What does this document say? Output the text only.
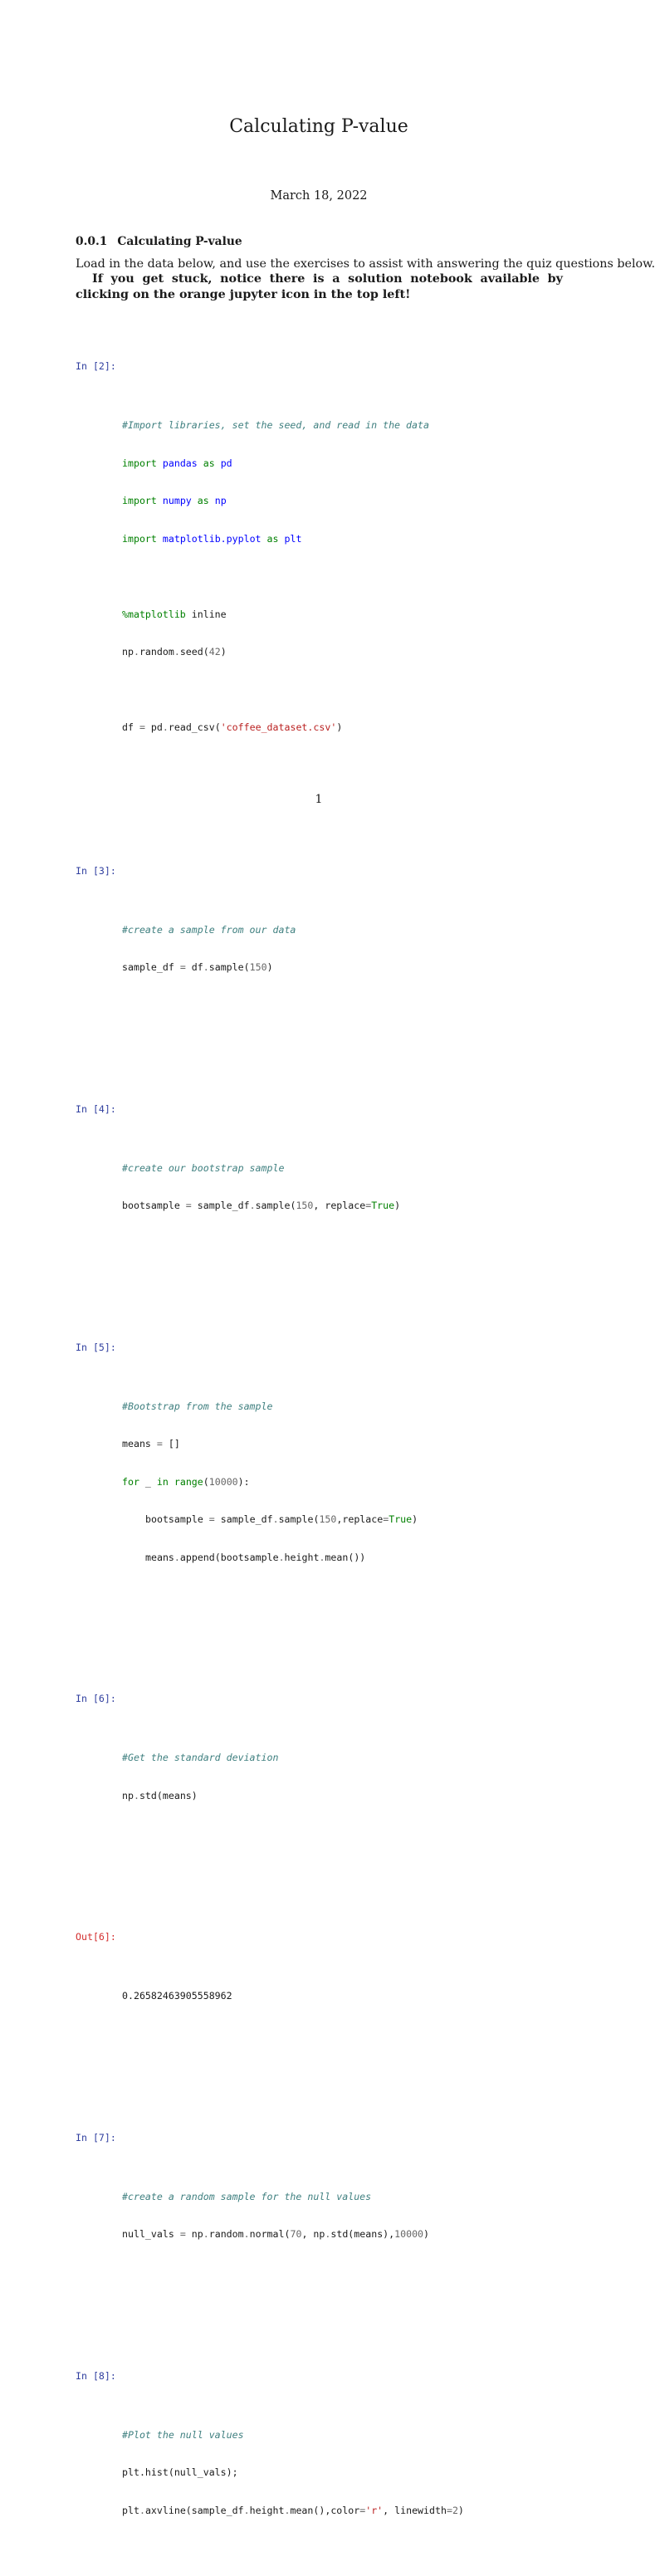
Calculating P-value
March 18, 2022
0.0.1 Calculating P-value
Load in the data below, and use the exercises to assist with answering the quiz questions below.
If you get stuck, notice there is a solution notebook available by clicking on the orange jupyter icon in the top left!

In [2]:

#Import libraries, set the seed, and read in the data

import pandas as pd

import numpy as np

import matplotlib.pyplot as plt

%matplotlib inline

np.random.seed(42)

df = pd.read_csv('coffee_dataset.csv')

In [3]:

#create a sample from our data

sample_df = df.sample(150)

In [4]:

#create our bootstrap sample

bootsample = sample_df.sample(150, replace=True)

In [5]:

#Bootstrap from the sample

means = []

for _ in range(10000):

bootsample = sample_df.sample(150,replace=True)

means.append(bootsample.height.mean())

In [6]:

#Get the standard deviation

np.std(means)

Out[6]:

0.26582463905558962

In [7]:

#create a random sample for the null values

null_vals = np.random.normal(70, np.std(means),10000)

In [8]:

#Plot the null values

plt.hist(null_vals);

plt.axvline(sample_df.height.mean(),color='r', linewidth=2)

1
